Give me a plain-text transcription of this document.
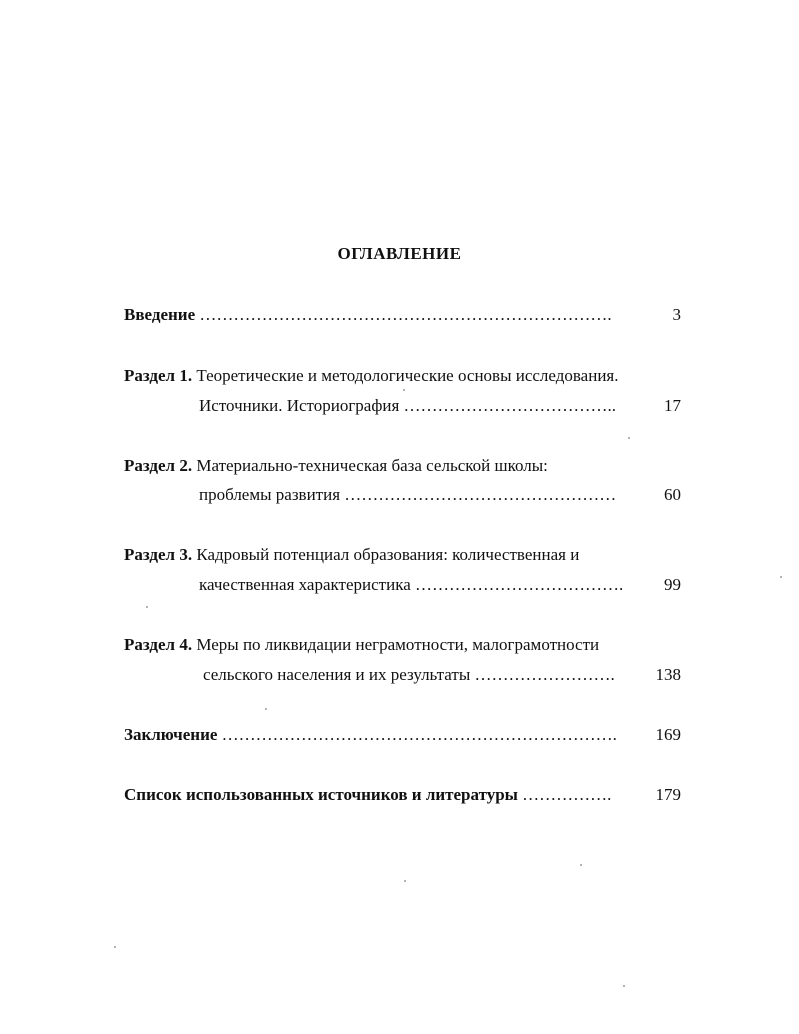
ОГЛАВЛЕНИЕ
Введение ……………………………………………………………….	3
Раздел 1. Теоретические и методологические основы исследования.
Источники. Историография ………………………………..	17
Раздел 2. Материально-техническая база сельской школы:
проблемы развития …………………………………………	60
Раздел 3. Кадровый потенциал образования: количественная и
качественная характеристика ……………………………….	99
Раздел 4. Меры по ликвидации неграмотности, малограмотности
сельского населения и их результаты …………………….	138
Заключение …………………………………………………………….	169
Список использованных источников и литературы …………….	179
